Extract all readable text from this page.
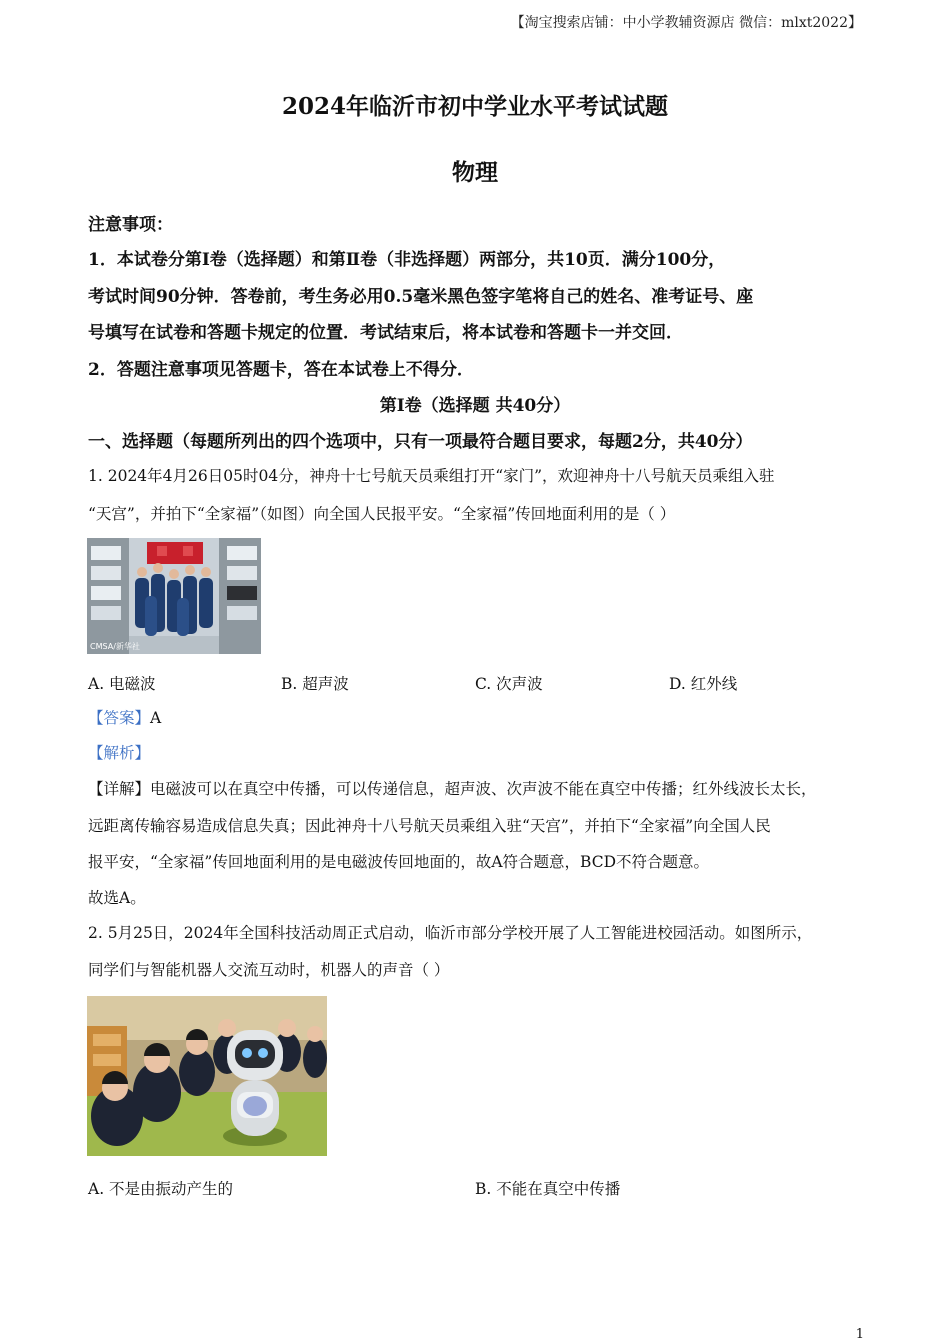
【淘宝搜索店铺：中小学教辅资源店 微信：mlxt2022】
2024年临沂市初中学业水平考试试题
物理
注意事项：
1．本试卷分第Ⅰ卷（选择题）和第Ⅱ卷（非选择题）两部分，共10页．满分100分，
考试时间90分钟．答卷前，考生务必用0.5毫米黑色签字笔将自己的姓名、准考证号、座
号填写在试卷和答题卡规定的位置．考试结束后，将本试卷和答题卡一并交回．
2．答题注意事项见答题卡，答在本试卷上不得分．
第Ⅰ卷（选择题 共40分）
一、选择题（每题所列出的四个选项中，只有一项最符合题目要求，每题2分，共40分）
1. 2024年4月26日05时04分，神舟十七号航天员乘组打开“家门”，欢迎神舟十八号航天员乘组入驻
“天宫”，并拍下“全家福”（如图）向全国人民报平安。“全家福”传回地面利用的是（ ）
CMSA/新华社
A. 电磁波	B. 超声波	C. 次声波	D. 红外线
【答案】A
【解析】
【详解】电磁波可以在真空中传播，可以传递信息，超声波、次声波不能在真空中传播；红外线波长太长，
远距离传输容易造成信息失真；因此神舟十八号航天员乘组入驻“天宫”，并拍下“全家福”向全国人民
报平安，“全家福”传回地面利用的是电磁波传回地面的，故A符合题意，BCD不符合题意。
故选A。
2. 5月25日，2024年全国科技活动周正式启动，临沂市部分学校开展了人工智能进校园活动。如图所示，
同学们与智能机器人交流互动时，机器人的声音（ ）
A. 不是由振动产生的	B. 不能在真空中传播
1
